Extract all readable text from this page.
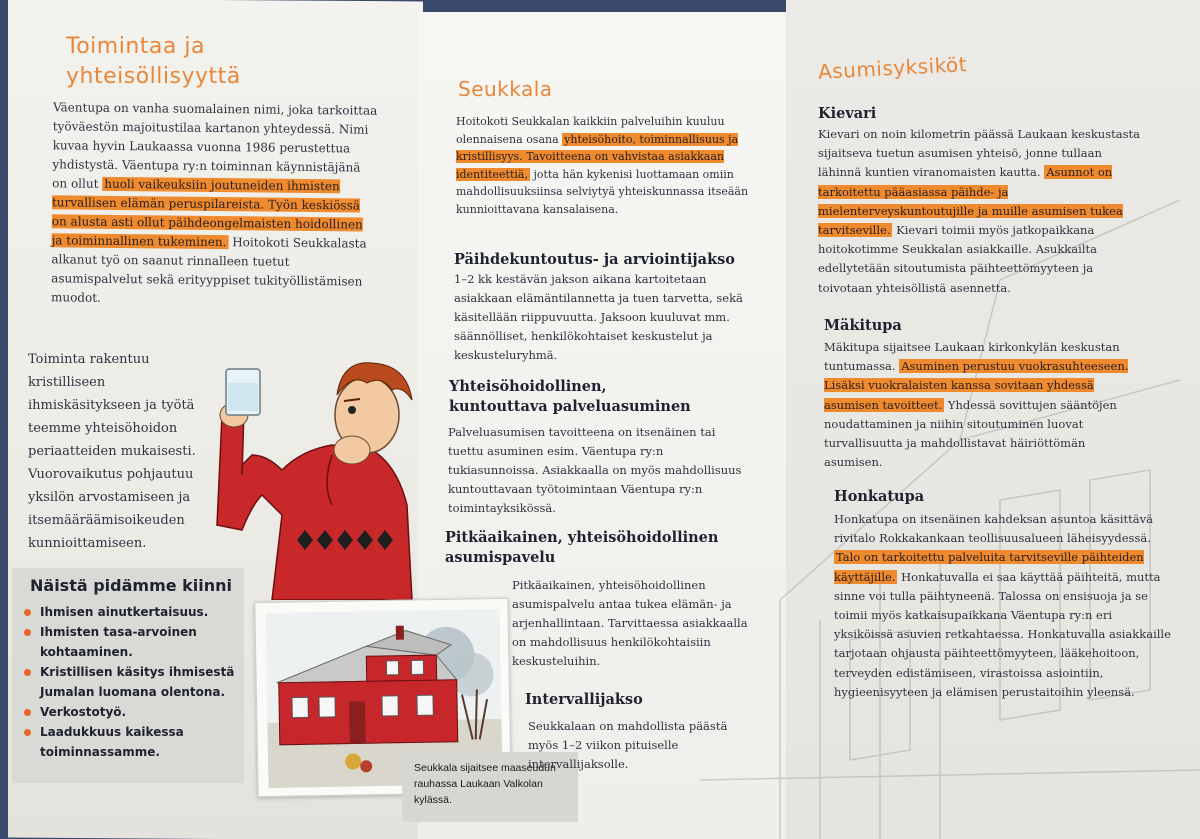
Toimintaa ja yhteisöllisyyttä
Väentupa on vanha suomalainen nimi, joka tarkoittaa työväestön majoitustilaa kartanon yhteydessä. Nimi kuvaa hyvin Laukaassa vuonna 1986 perustettua yhdistystä. Väentupa ry:n toiminnan käynnistäjänä on ollut huoli vaikeuksiin joutuneiden ihmisten turvallisen elämän peruspilareista. Työn keskiössä on alusta asti ollut päihdeongelmaisten hoidollinen ja toiminnallinen tukeminen. Hoitokoti Seukkalasta alkanut työ on saanut rinnalleen tuetut asumispalvelut sekä erityyppiset tukityöllistämisen muodot.
Toiminta rakentuu kristilliseen ihmiskäsitykseen ja työtä teemme yhteisöhoidon periaatteiden mukaisesti. Vuorovaikutus pohjautuu yksilön arvostamiseen ja itsemääräämisoikeuden kunnioittamiseen.
Näistä pidämme kiinni
Ihmisen ainutkertaisuus.
Ihmisten tasa-arvoinen kohtaaminen.
Kristillisen käsitys ihmisestä Jumalan luomana olentona.
Verkostotyö.
Laadukkuus kaikessa toiminnassamme.
Seukkala sijaitsee maaseudun rauhassa Laukaan Valkolan kylässä.
Seukkala
Hoitokoti Seukkalan kaikkiin palveluihin kuuluu olennaisena osana yhteisöhoito, toiminnallisuus ja kristillisyys. Tavoitteena on vahvistaa asiakkaan identiteettiä, jotta hän kykenisi luottamaan omiin mahdollisuuksiinsa selviytyä yhteiskunnassa itseään kunnioittavana kansalaisena.
Päihdekuntoutus- ja arviointijakso
1–2 kk kestävän jakson aikana kartoitetaan asiakkaan elämäntilannetta ja tuen tarvetta, sekä käsitellään riippuvuutta. Jaksoon kuuluvat mm. säännölliset, henkilökohtaiset keskustelut ja keskusteluryhmä.
Yhteisöhoidollinen, kuntouttava palveluasuminen
Palveluasumisen tavoitteena on itsenäinen tai tuettu asuminen esim. Väentupa ry:n tukiasunnoissa. Asiakkaalla on myös mahdollisuus kuntouttavaan työtoimintaan Väentupa ry:n toimintayksikössä.
Pitkäaikainen, yhteisöhoidollinen asumispavelu
Pitkäaikainen, yhteisöhoidollinen asumispalvelu antaa tukea elämän- ja arjenhallintaan. Tarvittaessa asiakkaalla on mahdollisuus henkilökohtaisiin keskusteluihin.
Intervallijakso
Seukkalaan on mahdollista päästä myös 1–2 viikon pituiselle intervallijaksolle.
Asumisyksiköt
Kievari
Kievari on noin kilometrin päässä Laukaan keskustasta sijaitseva tuetun asumisen yhteisö, jonne tullaan lähinnä kuntien viranomaisten kautta. Asunnot on tarkoitettu pääasiassa päihde- ja mielenterveyskuntoutujille ja muille asumisen tukea tarvitseville. Kievari toimii myös jatkopaikkana hoitokotimme Seukkalan asiakkaille. Asukkailta edellytetään sitoutumista päihteettömyyteen ja toivotaan yhteisöllistä asennetta.
Mäkitupa
Mäkitupa sijaitsee Laukaan kirkonkylän keskustan tuntumassa. Asuminen perustuu vuokrasuhteeseen. Lisäksi vuokralaisten kanssa sovitaan yhdessä asumisen tavoitteet. Yhdessä sovittujen sääntöjen noudattaminen ja niihin sitoutuminen luovat turvallisuutta ja mahdollistavat häiriöttömän asumisen.
Honkatupa
Honkatupa on itsenäinen kahdeksan asuntoa käsittävä rivitalo Rokkakankaan teollisuusalueen läheisyydessä. Talo on tarkoitettu palveluita tarvitseville päihteiden käyttäjille. Honkatuvalla ei saa käyttää päihteitä, mutta sinne voi tulla päihtyneenä. Talossa on ensisuoja ja se toimii myös katkaisupaikkana Väentupa ry:n eri yksiköissä asuvien retkahtaessa. Honkatuvalla asiakkaille tarjotaan ohjausta päihteettömyyteen, lääkehoitoon, terveyden edistämiseen, virastoissa asiointiin, hygieenisyyteen ja elämisen perustaitoihin yleensä.
